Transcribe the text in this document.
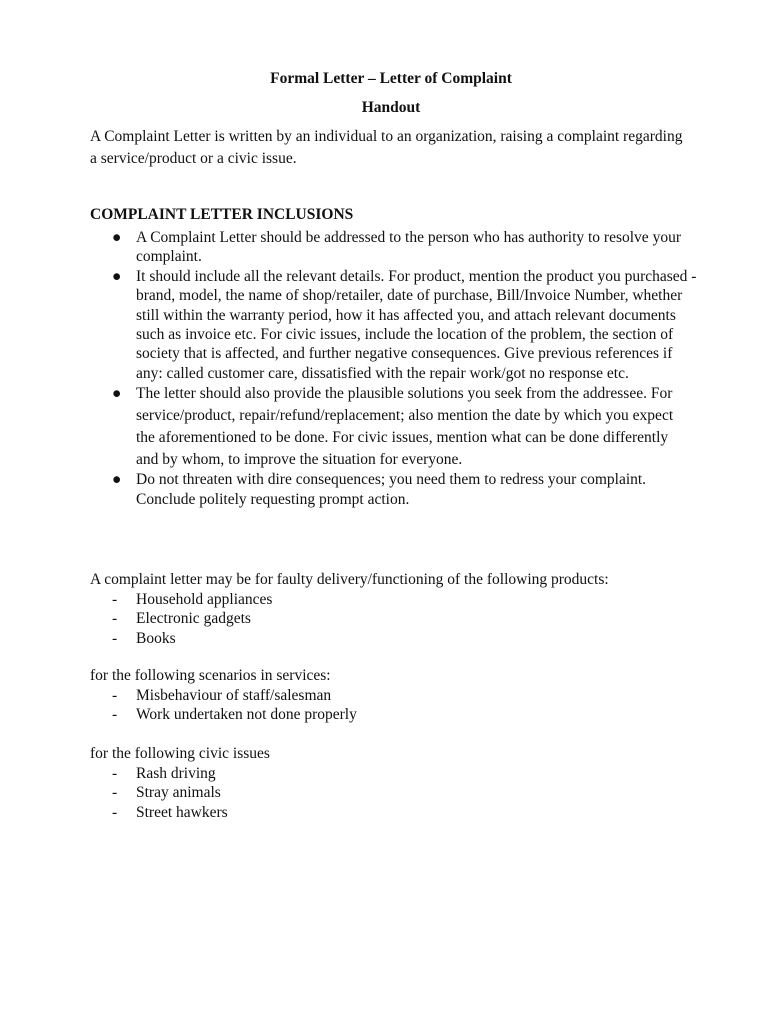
Formal Letter – Letter of Complaint
Handout
A Complaint Letter is written by an individual to an organization, raising a complaint regarding a service/product or a civic issue.
COMPLAINT LETTER INCLUSIONS
● A Complaint Letter should be addressed to the person who has authority to resolve your complaint.
● It should include all the relevant details. For product, mention the product you purchased - brand, model, the name of shop/retailer, date of purchase, Bill/Invoice Number, whether still within the warranty period, how it has affected you, and attach relevant documents such as invoice etc. For civic issues, include the location of the problem, the section of society that is affected, and further negative consequences. Give previous references if any: called customer care, dissatisfied with the repair work/got no response etc.
● The letter should also provide the plausible solutions you seek from the addressee. For service/product, repair/refund/replacement; also mention the date by which you expect the aforementioned to be done. For civic issues, mention what can be done differently and by whom, to improve the situation for everyone.
● Do not threaten with dire consequences; you need them to redress your complaint. Conclude politely requesting prompt action.
A complaint letter may be for faulty delivery/functioning of the following products:
- Household appliances
- Electronic gadgets
- Books
for the following scenarios in services:
- Misbehaviour of staff/salesman
- Work undertaken not done properly
for the following civic issues
- Rash driving
- Stray animals
- Street hawkers
